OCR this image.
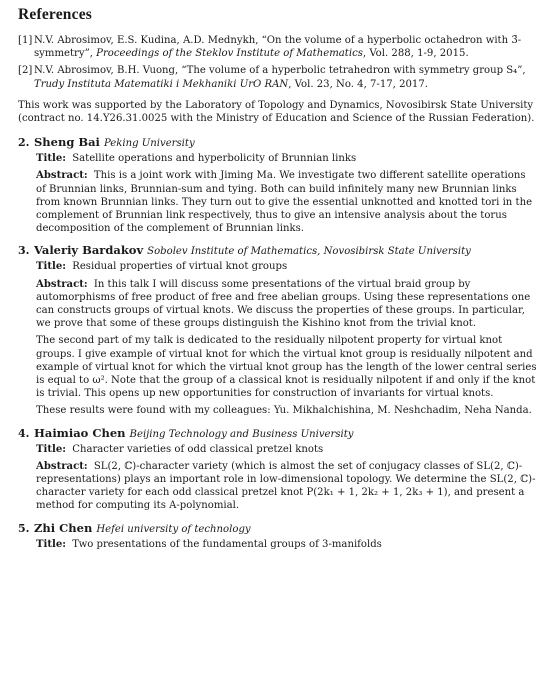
References
[1] N.V. Abrosimov, E.S. Kudina, A.D. Mednykh, “On the volume of a hyperbolic octahedron with 3̄-symmetry”, Proceedings of the Steklov Institute of Mathematics, Vol. 288, 1-9, 2015.
[2] N.V. Abrosimov, B.H. Vuong, “The volume of a hyperbolic tetrahedron with symmetry group S₄”, Trudy Instituta Matematiki i Mekhaniki UrO RAN, Vol. 23, No. 4, 7-17, 2017.

This work was supported by the Laboratory of Topology and Dynamics, Novosibirsk State University (contract no. 14.Y26.31.0025 with the Ministry of Education and Science of the Russian Federation).

2. Sheng Bai Peking University
Title: Satellite operations and hyperbolicity of Brunnian links
Abstract: This is a joint work with Jiming Ma. We investigate two different satellite operations of Brunnian links, Brunnian-sum and tying. Both can build infinitely many new Brunnian links from known Brunnian links. They turn out to give the essential unknotted and knotted tori in the complement of Brunnian link respectively, thus to give an intensive analysis about the torus decomposition of the complement of Brunnian links.
3. Valeriy Bardakov Sobolev Institute of Mathematics, Novosibirsk State University
Title: Residual properties of virtual knot groups
Abstract: In this talk I will discuss some presentations of the virtual braid group by automorphisms of free product of free and free abelian groups. Using these representations one can constructs groups of virtual knots. We discuss the properties of these groups. In particular, we prove that some of these groups distinguish the Kishino knot from the trivial knot.
The second part of my talk is dedicated to the residually nilpotent property for virtual knot groups. I give example of virtual knot for which the virtual knot group is residually nilpotent and example of virtual knot for which the virtual knot group has the length of the lower central series is equal to ω². Note that the group of a classical knot is residually nilpotent if and only if the knot is trivial. This opens up new opportunities for construction of invariants for virtual knots.
These results were found with my colleagues: Yu. Mikhalchishina, M. Neshchadim, Neha Nanda.
4. Haimiao Chen Beijing Technology and Business University
Title: Character varieties of odd classical pretzel knots
Abstract: SL(2, ℂ)-character variety (which is almost the set of conjugacy classes of SL(2, ℂ)-representations) plays an important role in low-dimensional topology. We determine the SL(2, ℂ)-character variety for each odd classical pretzel knot P(2k₁ + 1, 2k₂ + 1, 2k₃ + 1), and present a method for computing its A-polynomial.
5. Zhi Chen Hefei university of technology
Title: Two presentations of the fundamental groups of 3-manifolds
